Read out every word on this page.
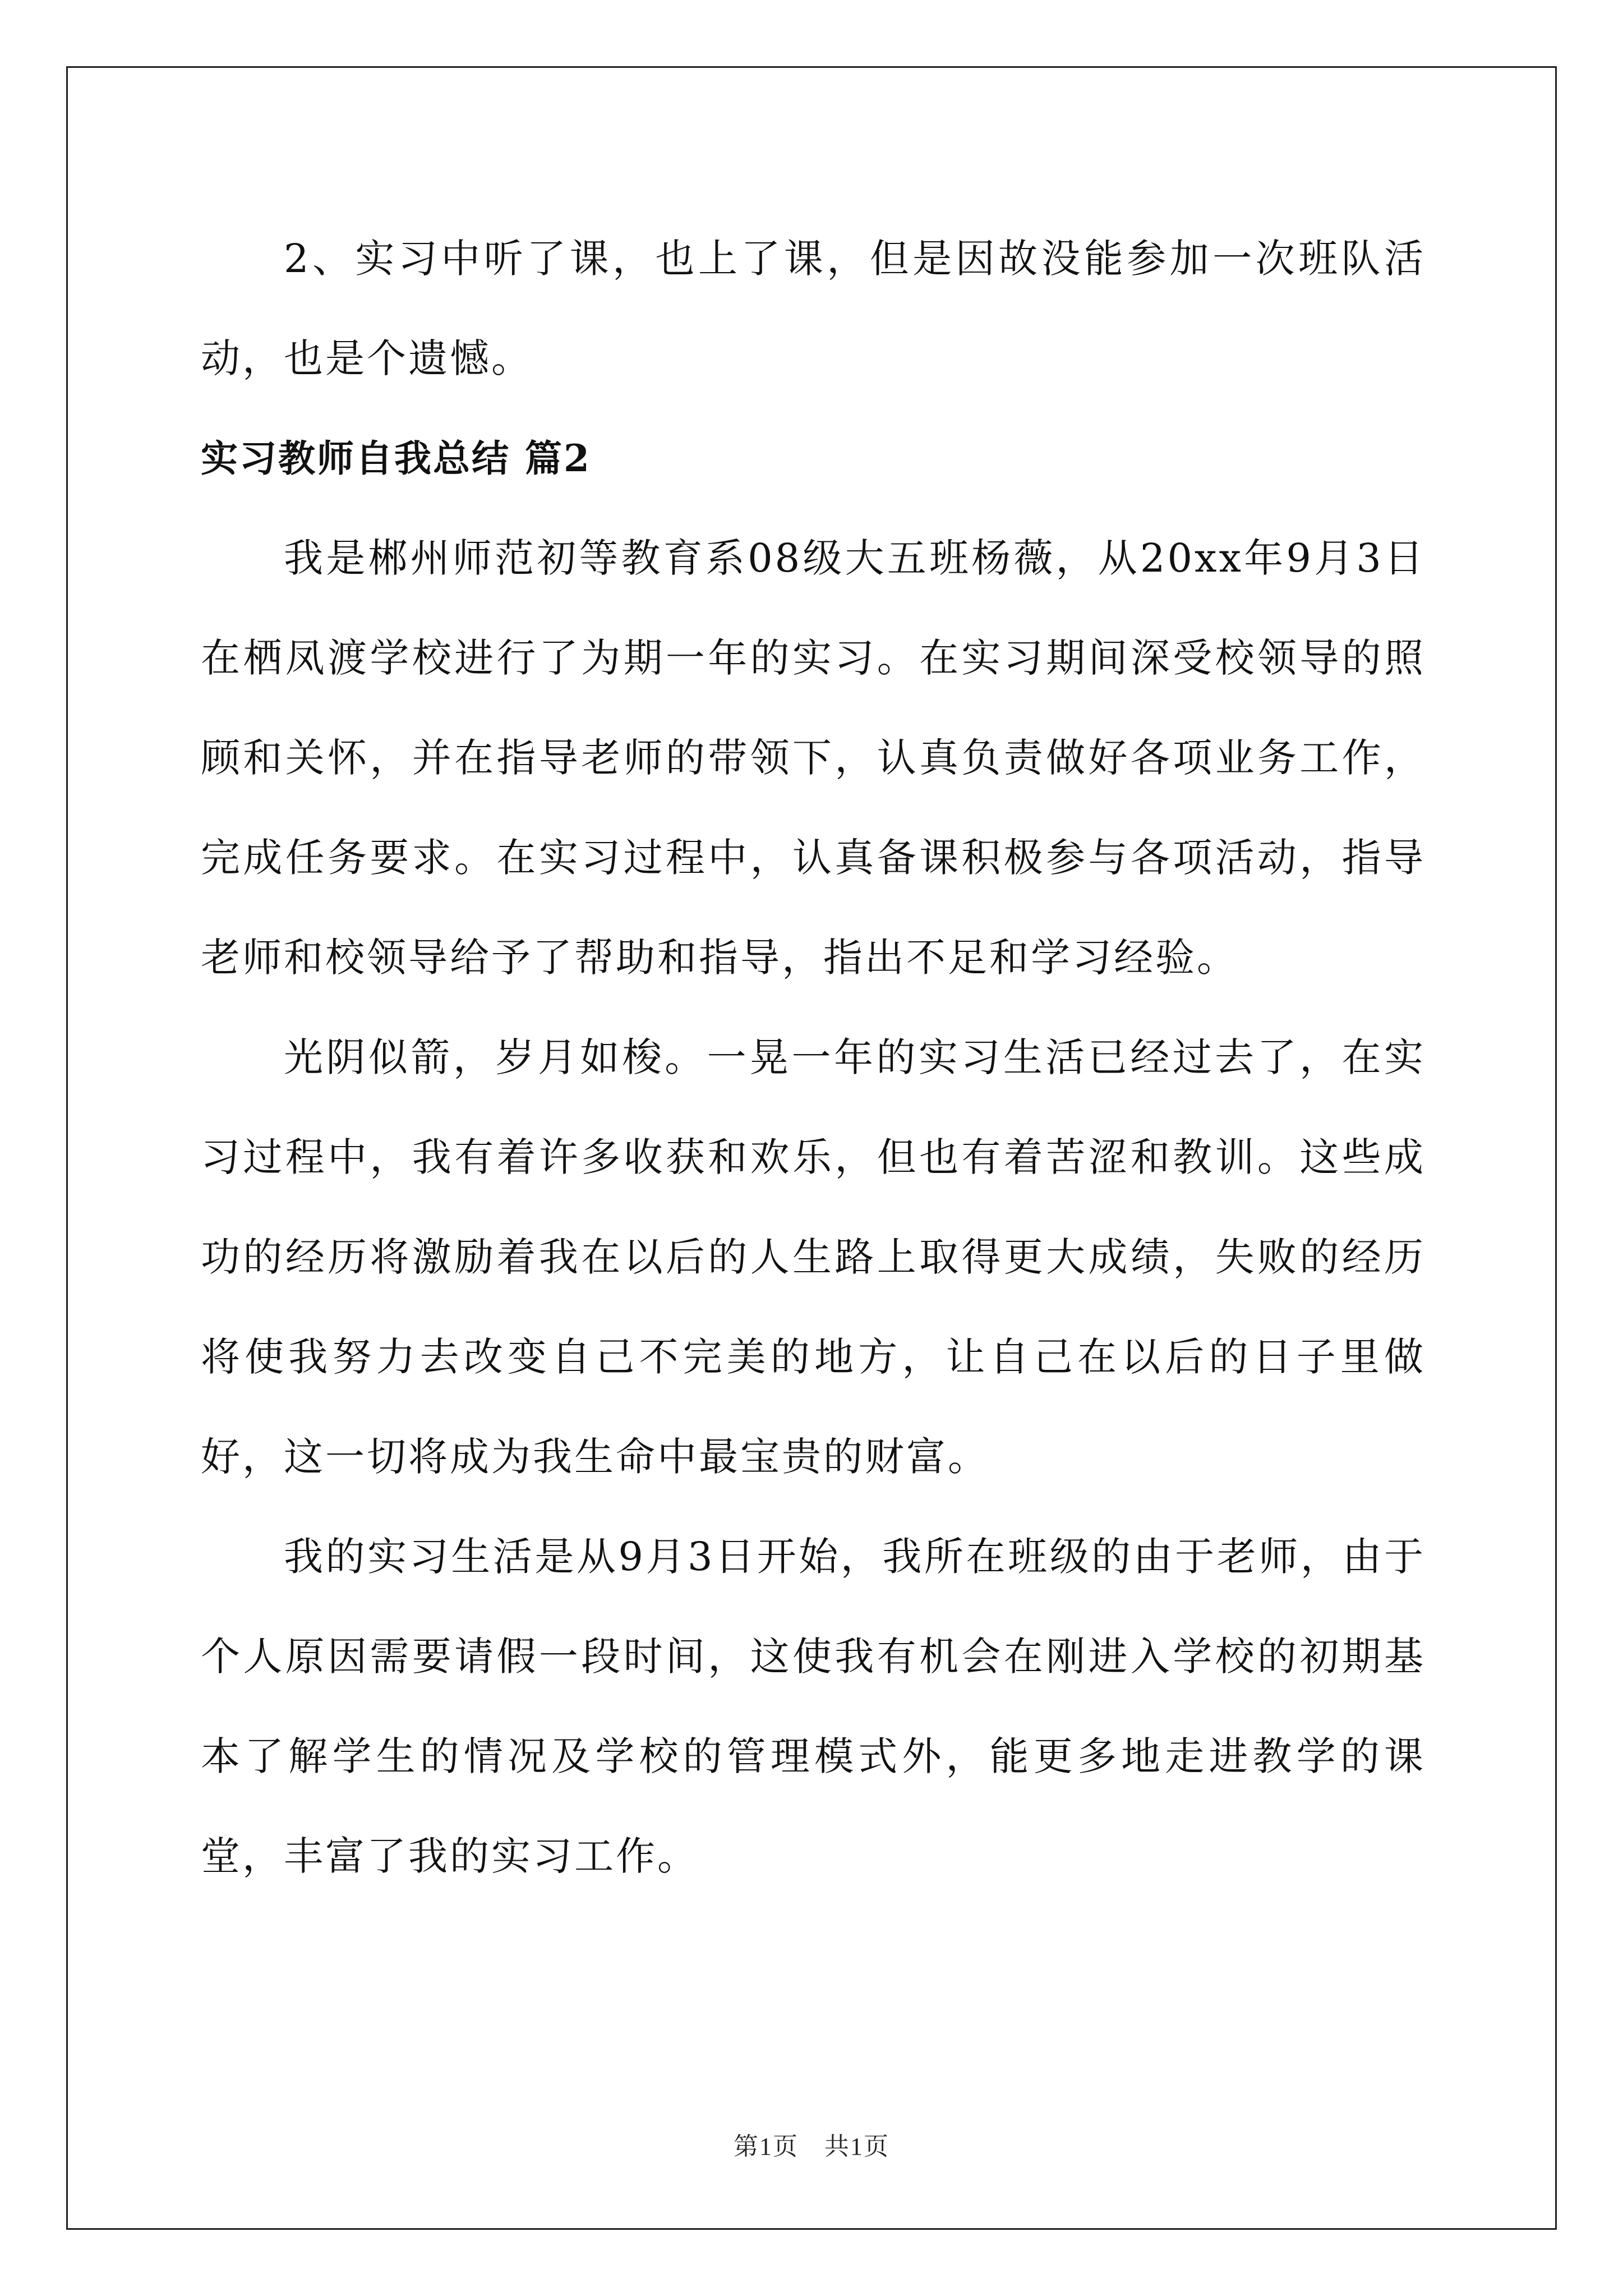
2、实习中听了课，也上了课，但是因故没能参加一次班队活动，也是个遗憾。

实习教师自我总结 篇2

我是郴州师范初等教育系08级大五班杨薇，从20xx年9月3日在栖凤渡学校进行了为期一年的实习。在实习期间深受校领导的照顾和关怀，并在指导老师的带领下，认真负责做好各项业务工作，完成任务要求。在实习过程中，认真备课积极参与各项活动，指导老师和校领导给予了帮助和指导，指出不足和学习经验。

光阴似箭，岁月如梭。一晃一年的实习生活已经过去了，在实习过程中，我有着许多收获和欢乐，但也有着苦涩和教训。这些成功的经历将激励着我在以后的人生路上取得更大成绩，失败的经历将使我努力去改变自己不完美的地方，让自己在以后的日子里做好，这一切将成为我生命中最宝贵的财富。

我的实习生活是从9月3日开始，我所在班级的由于老师，由于个人原因需要请假一段时间，这使我有机会在刚进入学校的初期基本了解学生的情况及学校的管理模式外，能更多地走进教学的课堂，丰富了我的实习工作。

第1页　共1页
